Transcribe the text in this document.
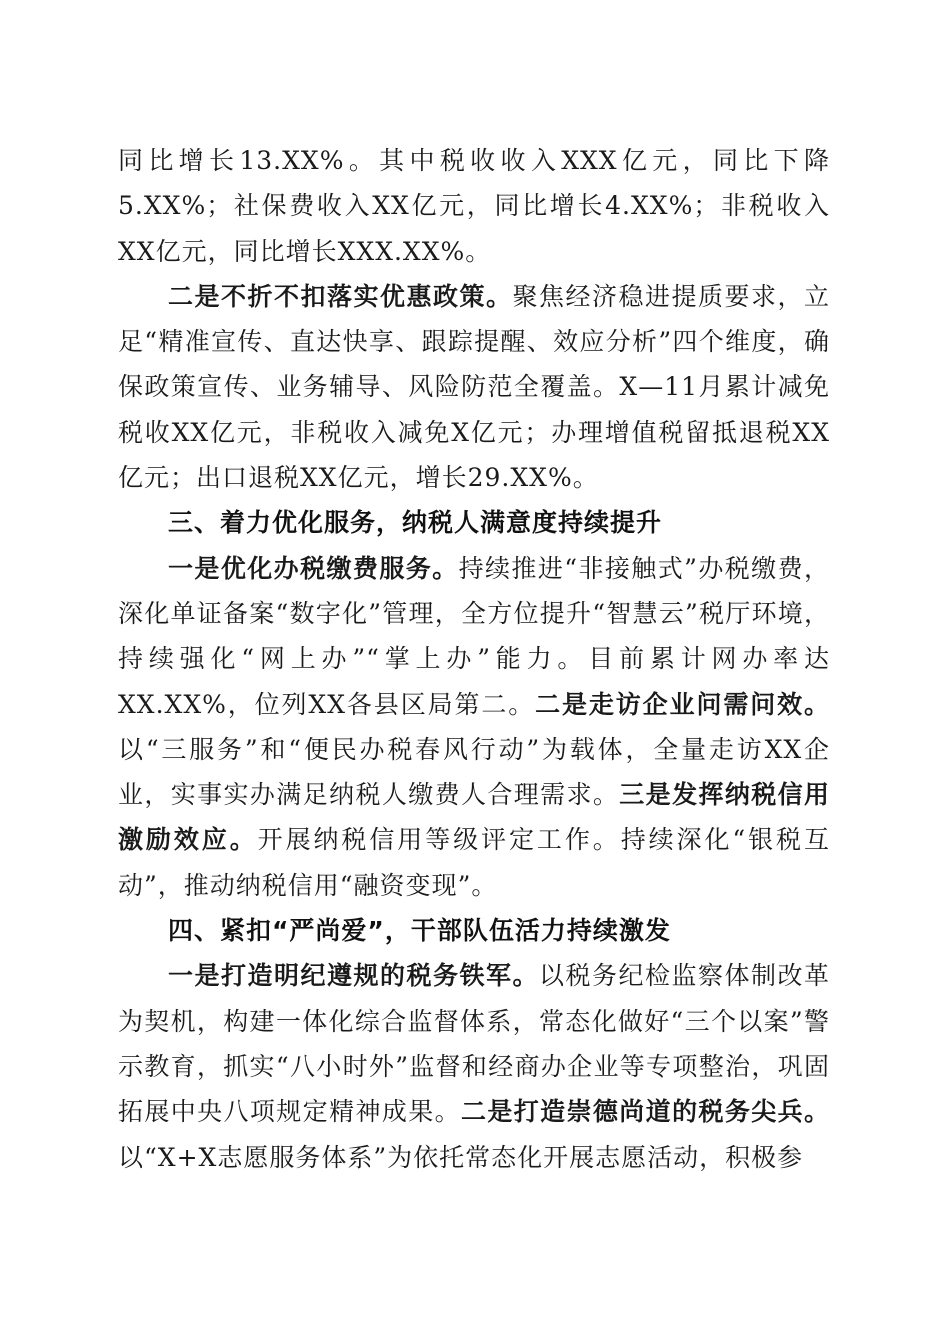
同比增长13.XX%。其中税收收入XXX亿元，同比下降5.XX%；社保费收入XX亿元，同比增长4.XX%；非税收入XX亿元，同比增长XXX.XX%。

二是不折不扣落实优惠政策。聚焦经济稳进提质要求，立足“精准宣传、直达快享、跟踪提醒、效应分析”四个维度，确保政策宣传、业务辅导、风险防范全覆盖。X—11月累计减免税收XX亿元，非税收入减免X亿元；办理增值税留抵退税XX亿元；出口退税XX亿元，增长29.XX%。

三、着力优化服务，纳税人满意度持续提升

一是优化办税缴费服务。持续推进“非接触式”办税缴费，深化单证备案“数字化”管理，全方位提升“智慧云”税厅环境，持续强化“网上办”“掌上办”能力。目前累计网办率达XX.XX%，位列XX各县区局第二。二是走访企业问需问效。以“三服务”和“便民办税春风行动”为载体，全量走访XX企业，实事实办满足纳税人缴费人合理需求。三是发挥纳税信用激励效应。开展纳税信用等级评定工作。持续深化“银税互动”，推动纳税信用“融资变现”。

四、紧扣“严尚爱”，干部队伍活力持续激发

一是打造明纪遵规的税务铁军。以税务纪检监察体制改革为契机，构建一体化综合监督体系，常态化做好“三个以案”警示教育，抓实“八小时外”监督和经商办企业等专项整治，巩固拓展中央八项规定精神成果。二是打造崇德尚道的税务尖兵。以“X+X志愿服务体系”为依托常态化开展志愿活动，积极参
